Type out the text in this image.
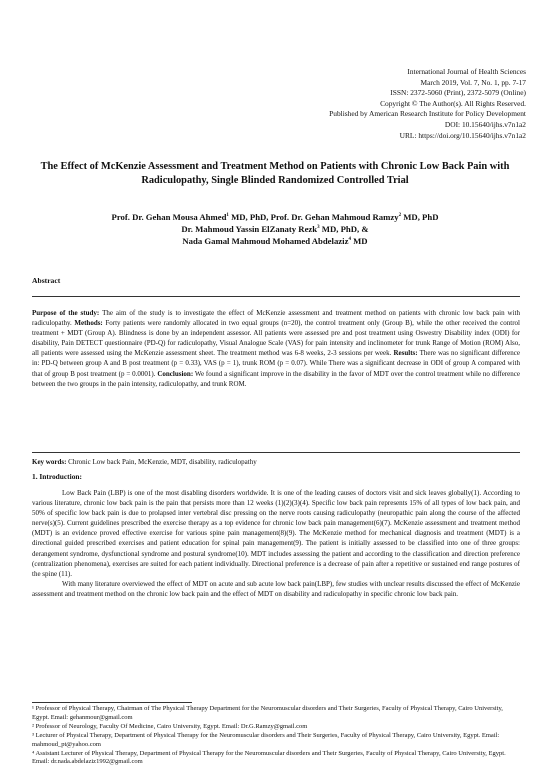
International Journal of Health Sciences
March 2019, Vol. 7, No. 1, pp. 7-17
ISSN: 2372-5060 (Print), 2372-5079 (Online)
Copyright © The Author(s). All Rights Reserved.
Published by American Research Institute for Policy Development
DOI: 10.15640/ijhs.v7n1a2
URL: https://doi.org/10.15640/ijhs.v7n1a2
The Effect of McKenzie Assessment and Treatment Method on Patients with Chronic Low Back Pain with Radiculopathy, Single Blinded Randomized Controlled Trial
Prof. Dr. Gehan Mousa Ahmed$^1$ MD, PhD, Prof. Dr. Gehan Mahmoud Ramzy$^2$ MD, PhD
Dr. Mahmoud Yassin ElZanaty Rezk$^3$ MD, PhD, &
Nada Gamal Mahmoud Mohamed Abdelaziz$^4$ MD
Abstract
Purpose of the study: The aim of the study is to investigate the effect of McKenzie assessment and treatment method on patients with chronic low back pain with radiculopathy. Methods: Forty patients were randomly allocated in two equal groups (n=20), the control treatment only (Group B), while the other received the control treatment + MDT (Group A). Blindness is done by an independent assessor. All patients were assessed pre and post treatment using Oswestry Disability index (ODI) for disability, Pain DETECT questionnaire (PD-Q) for radiculopathy, Visual Analogue Scale (VAS) for pain intensity and inclinometer for trunk Range of Motion (ROM) Also, all patients were assessed using the McKenzie assessment sheet. The treatment method was 6-8 weeks, 2-3 sessions per week. Results: There was no significant difference in: PD-Q between group A and B post treatment (p = 0.33), VAS (p = 1), trunk ROM (p = 0.07). While There was a significant decrease in ODI of group A compared with that of group B post treatment (p = 0.0001). Conclusion: We found a significant improve in the disability in the favor of MDT over the control treatment while no difference between the two groups in the pain intensity, radiculopathy, and trunk ROM.
Key words: Chronic Low back Pain, McKenzie, MDT, disability, radiculopathy
1. Introduction:

Low Back Pain (LBP) is one of the most disabling disorders worldwide. It is one of the leading causes of doctors visit and sick leaves globally(1). According to various literature, chronic low back pain is the pain that persists more than 12 weeks (1)(2)(3)(4). Specific low back pain represents 15% of all types of low back pain, and 50% of specific low back pain is due to prolapsed inter vertebral disc pressing on the nerve roots causing radiculopathy (neuropathic pain along the course of the affected nerve(s)(5). Current guidelines prescribed the exercise therapy as a top evidence for chronic low back pain management(6)(7). McKenzie assessment and treatment method (MDT) is an evidence proved effective exercise for various spine pain management(8)(9). The McKenzie method for mechanical diagnosis and treatment (MDT) is a directional guided prescribed exercises and patient education for spinal pain management(9). The patient is initially assessed to be classified into one of three groups: derangement syndrome, dysfunctional syndrome and postural syndrome(10). MDT includes assessing the patient and according to the classification and direction preference (centralization phenomena), exercises are suited for each patient individually. Directional preference is a decrease of pain after a repetitive or sustained end range postures of the spine (11).

With many literature overviewed the effect of MDT on acute and sub acute low back pain(LBP), few studies with unclear results discussed the effect of McKenzie assessment and treatment method on the chronic low back pain and the effect of MDT on disability and radiculopathy in specific chronic low back pain.

¹ Professor of Physical Therapy, Chairman of The Physical Therapy Department for the Neuromuscular disorders and Their Surgeries, Faculty of Physical Therapy, Cairo University, Egypt. Email: gehanmour@gmail.com
² Professor of Neurology, Faculty Of Medicine, Cairo University, Egypt. Email: Dr.G.Ramzy@gmail.com
³ Lecturer of Physical Therapy, Department of Physical Therapy for the Neuromuscular disorders and Their Surgeries, Faculty of Physical Therapy, Cairo University, Egypt. Email: mahmoud_pt@yahoo.com
⁴ Assistant Lecturer of Physical Therapy, Department of Physical Therapy for the Neuromuscular disorders and Their Surgeries, Faculty of Physical Therapy, Cairo University, Egypt. Email: dr.nada.abdelaziz1992@gmail.com
